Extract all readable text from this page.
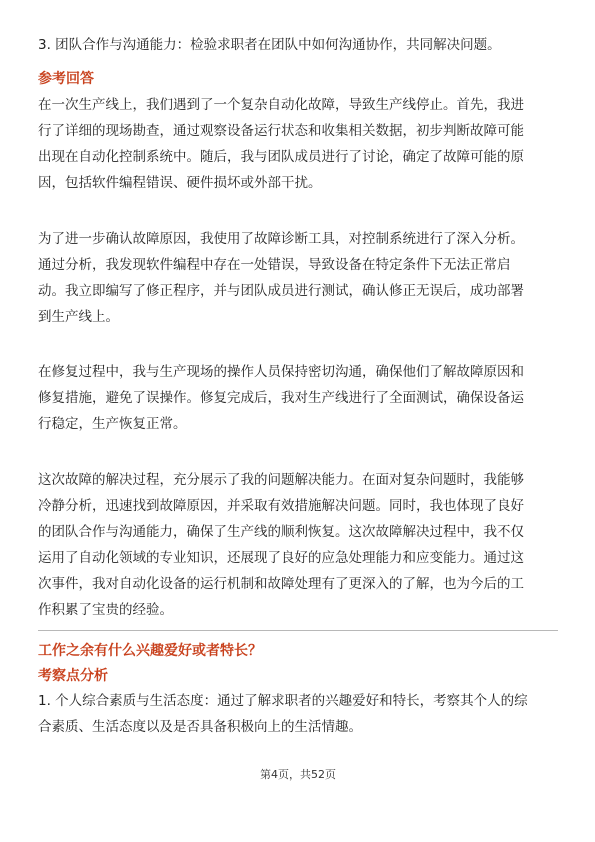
3. 团队合作与沟通能力：检验求职者在团队中如何沟通协作，共同解决问题。
参考回答
在一次生产线上，我们遇到了一个复杂自动化故障，导致生产线停止。首先，我进
行了详细的现场勘查，通过观察设备运行状态和收集相关数据，初步判断故障可能
出现在自动化控制系统中。随后，我与团队成员进行了讨论，确定了故障可能的原
因，包括软件编程错误、硬件损坏或外部干扰。
为了进一步确认故障原因，我使用了故障诊断工具，对控制系统进行了深入分析。
通过分析，我发现软件编程中存在一处错误，导致设备在特定条件下无法正常启
动。我立即编写了修正程序，并与团队成员进行测试，确认修正无误后，成功部署
到生产线上。
在修复过程中，我与生产现场的操作人员保持密切沟通，确保他们了解故障原因和
修复措施，避免了误操作。修复完成后，我对生产线进行了全面测试，确保设备运
行稳定，生产恢复正常。
这次故障的解决过程，充分展示了我的问题解决能力。在面对复杂问题时，我能够
冷静分析，迅速找到故障原因，并采取有效措施解决问题。同时，我也体现了良好
的团队合作与沟通能力，确保了生产线的顺利恢复。这次故障解决过程中，我不仅
运用了自动化领域的专业知识，还展现了良好的应急处理能力和应变能力。通过这
次事件，我对自动化设备的运行机制和故障处理有了更深入的了解，也为今后的工
作积累了宝贵的经验。
工作之余有什么兴趣爱好或者特长？
考察点分析
1. 个人综合素质与生活态度：通过了解求职者的兴趣爱好和特长，考察其个人的综
合素质、生活态度以及是否具备积极向上的生活情趣。
第4页，共52页
